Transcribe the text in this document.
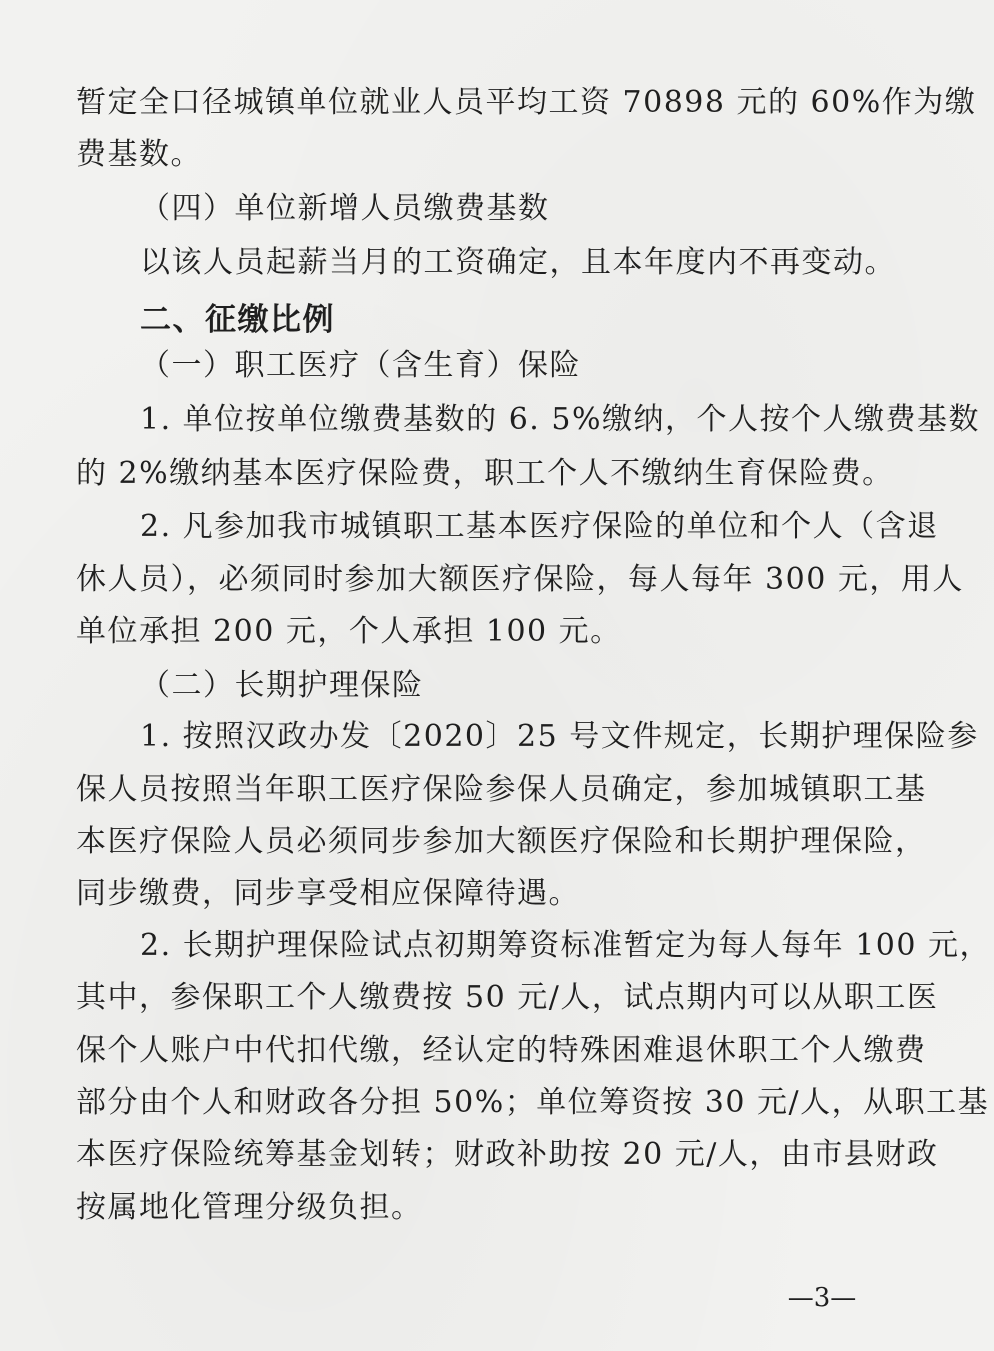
暂定全口径城镇单位就业人员平均工资 70898 元的 60%作为缴
费基数。
（四）单位新增人员缴费基数
以该人员起薪当月的工资确定，且本年度内不再变动。
二、征缴比例
（一）职工医疗（含生育）保险
1. 单位按单位缴费基数的 6. 5%缴纳，个人按个人缴费基数
的 2%缴纳基本医疗保险费，职工个人不缴纳生育保险费。
2. 凡参加我市城镇职工基本医疗保险的单位和个人（含退
休人员），必须同时参加大额医疗保险，每人每年 300 元，用人
单位承担 200 元，个人承担 100 元。
（二）长期护理保险
1. 按照汉政办发〔2020〕25 号文件规定，长期护理保险参
保人员按照当年职工医疗保险参保人员确定，参加城镇职工基
本医疗保险人员必须同步参加大额医疗保险和长期护理保险，
同步缴费，同步享受相应保障待遇。
2. 长期护理保险试点初期筹资标准暂定为每人每年 100 元，
其中，参保职工个人缴费按 50 元/人，试点期内可以从职工医
保个人账户中代扣代缴，经认定的特殊困难退休职工个人缴费
部分由个人和财政各分担 50%；单位筹资按 30 元/人，从职工基
本医疗保险统筹基金划转；财政补助按 20 元/人，由市县财政
按属地化管理分级负担。
—3—
